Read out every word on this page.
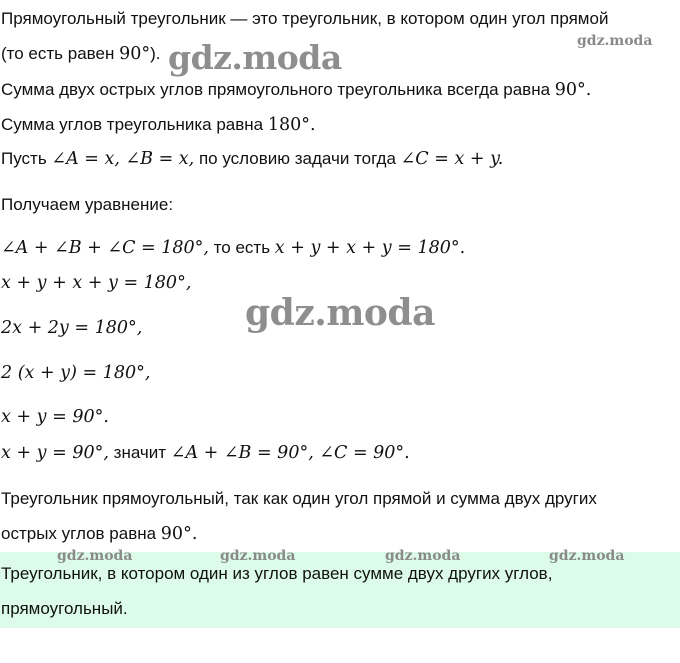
Прямоугольный треугольник — это треугольник, в котором один угол прямой
(то есть равен 90°). gdz.moda	gdz.moda
Сумма двух острых углов прямоугольного треугольника всегда равна 90°.
Сумма углов треугольника равна 180°.
Пусть ∠A = x, ∠B = x, по условию задачи тогда ∠C = x + y.
Получаем уравнение:
∠A + ∠B + ∠C = 180°, то есть x + y + x + y = 180°.
x + y + x + y = 180°,
gdz.moda
2x + 2y = 180°,
2 (x + y) = 180°,
x + y = 90°.
x + y = 90°, значит ∠A + ∠B = 90°, ∠C = 90°.
Треугольник прямоугольный, так как один угол прямой и сумма двух других
острых углов равна 90°.
Треугольник, в котором один из углов равен сумме двух других углов,
прямоугольный.
gdz.moda	gdz.moda	gdz.moda	gdz.moda
